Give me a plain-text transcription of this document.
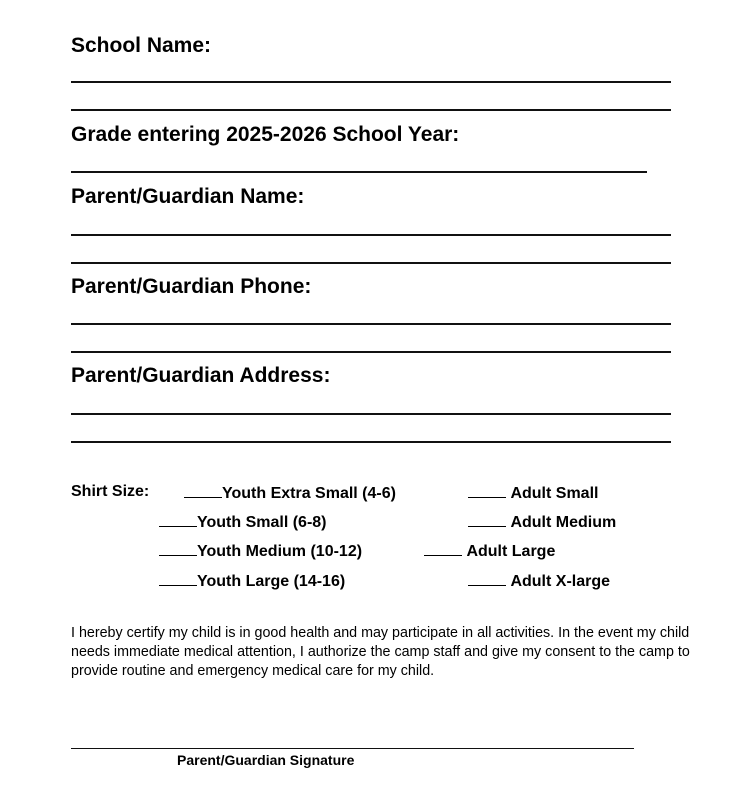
School Name:
Grade entering 2025-2026 School Year:
Parent/Guardian Name:
Parent/Guardian Phone:
Parent/Guardian Address:
Shirt Size:	Youth Extra Small (4-6)	Adult Small
Youth Small (6-8)	Adult Medium
Youth Medium (10-12)	Adult Large
Youth Large (14-16)	Adult X-large
I hereby certify my child is in good health and may participate in all activities. In the event my child needs immediate medical attention, I authorize the camp staff and give my consent to the camp to provide routine and emergency medical care for my child.
Parent/Guardian Signature
